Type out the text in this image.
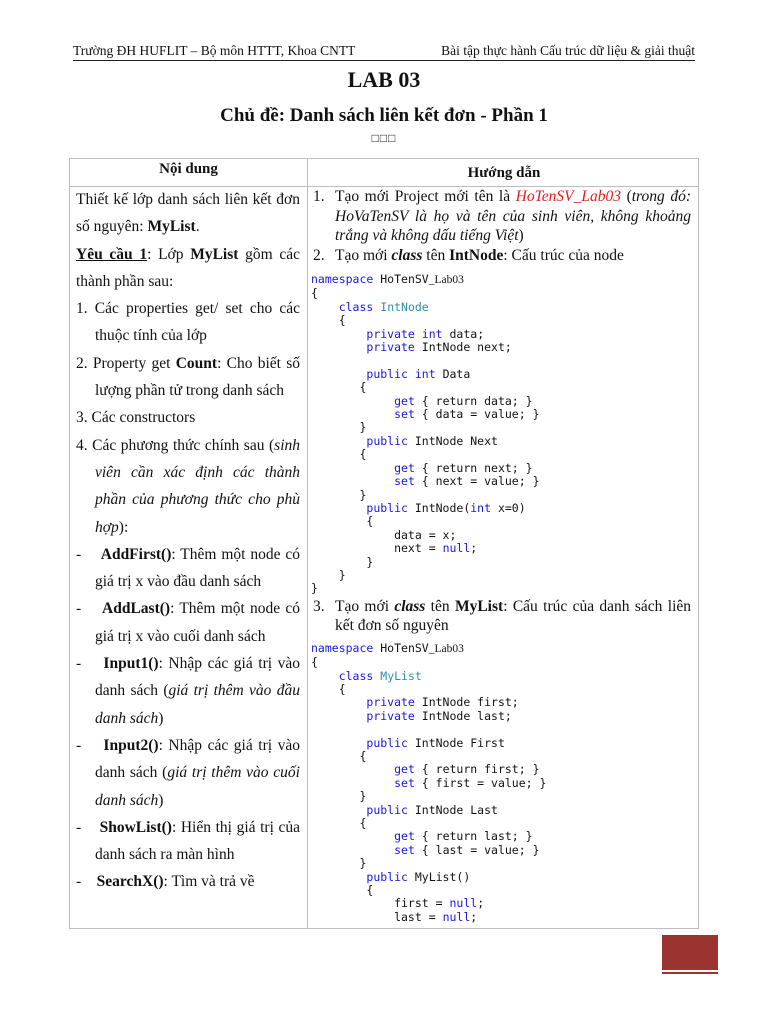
Trường ĐH HUFLIT – Bộ môn HTTT, Khoa CNTT	Bài tập thực hành Cấu trúc dữ liệu & giải thuật
LAB 03
Chủ đề: Danh sách liên kết đơn - Phần 1
□□□
Nội dung	Hướng dẫn

Thiết kế lớp danh sách liên kết đơn số nguyên: MyList.

Yêu cầu 1: Lớp MyList gồm các thành phần sau:

1. Các properties get/ set cho các thuộc tính của lớp

2. Property get Count: Cho biết số lượng phần tử trong danh sách

3. Các constructors

4. Các phương thức chính sau (sinh viên cần xác định các thành phần của phương thức cho phù hợp):

-    AddFirst(): Thêm một node có giá trị x vào đầu danh sách

-    AddLast(): Thêm một node có giá trị x vào cuối danh sách

-    Input1(): Nhập các giá trị vào danh sách (giá trị thêm vào đầu danh sách)

-    Input2(): Nhập các giá trị vào danh sách (giá trị thêm vào cuối danh sách)

-    ShowList(): Hiển thị giá trị của danh sách ra màn hình

-    SearchX(): Tìm và trả về

1. Tạo mới Project mới tên là HoTenSV_Lab03 (trong đó: HoVaTenSV là họ và tên của sinh viên, không khoảng trắng và không dấu tiếng Việt)
2. Tạo mới class tên IntNode: Cấu trúc của node
namespace HoTenSV_Lab03
{
class IntNode
{
private int data;
private IntNode next;

public int Data
{
get { return data; }
set { data = value; }
}
public IntNode Next
{
get { return next; }
set { next = value; }
}
public IntNode(int x=0)
{
data = x;
next = null;
}
}
}
3. Tạo mới class tên MyList: Cấu trúc của danh sách liên kết đơn số nguyên
namespace HoTenSV_Lab03
{
class MyList
{
private IntNode first;
private IntNode last;

public IntNode First
{
get { return first; }
set { first = value; }
}
public IntNode Last
{
get { return last; }
set { last = value; }
}
public MyList()
{
first = null;
last = null;
